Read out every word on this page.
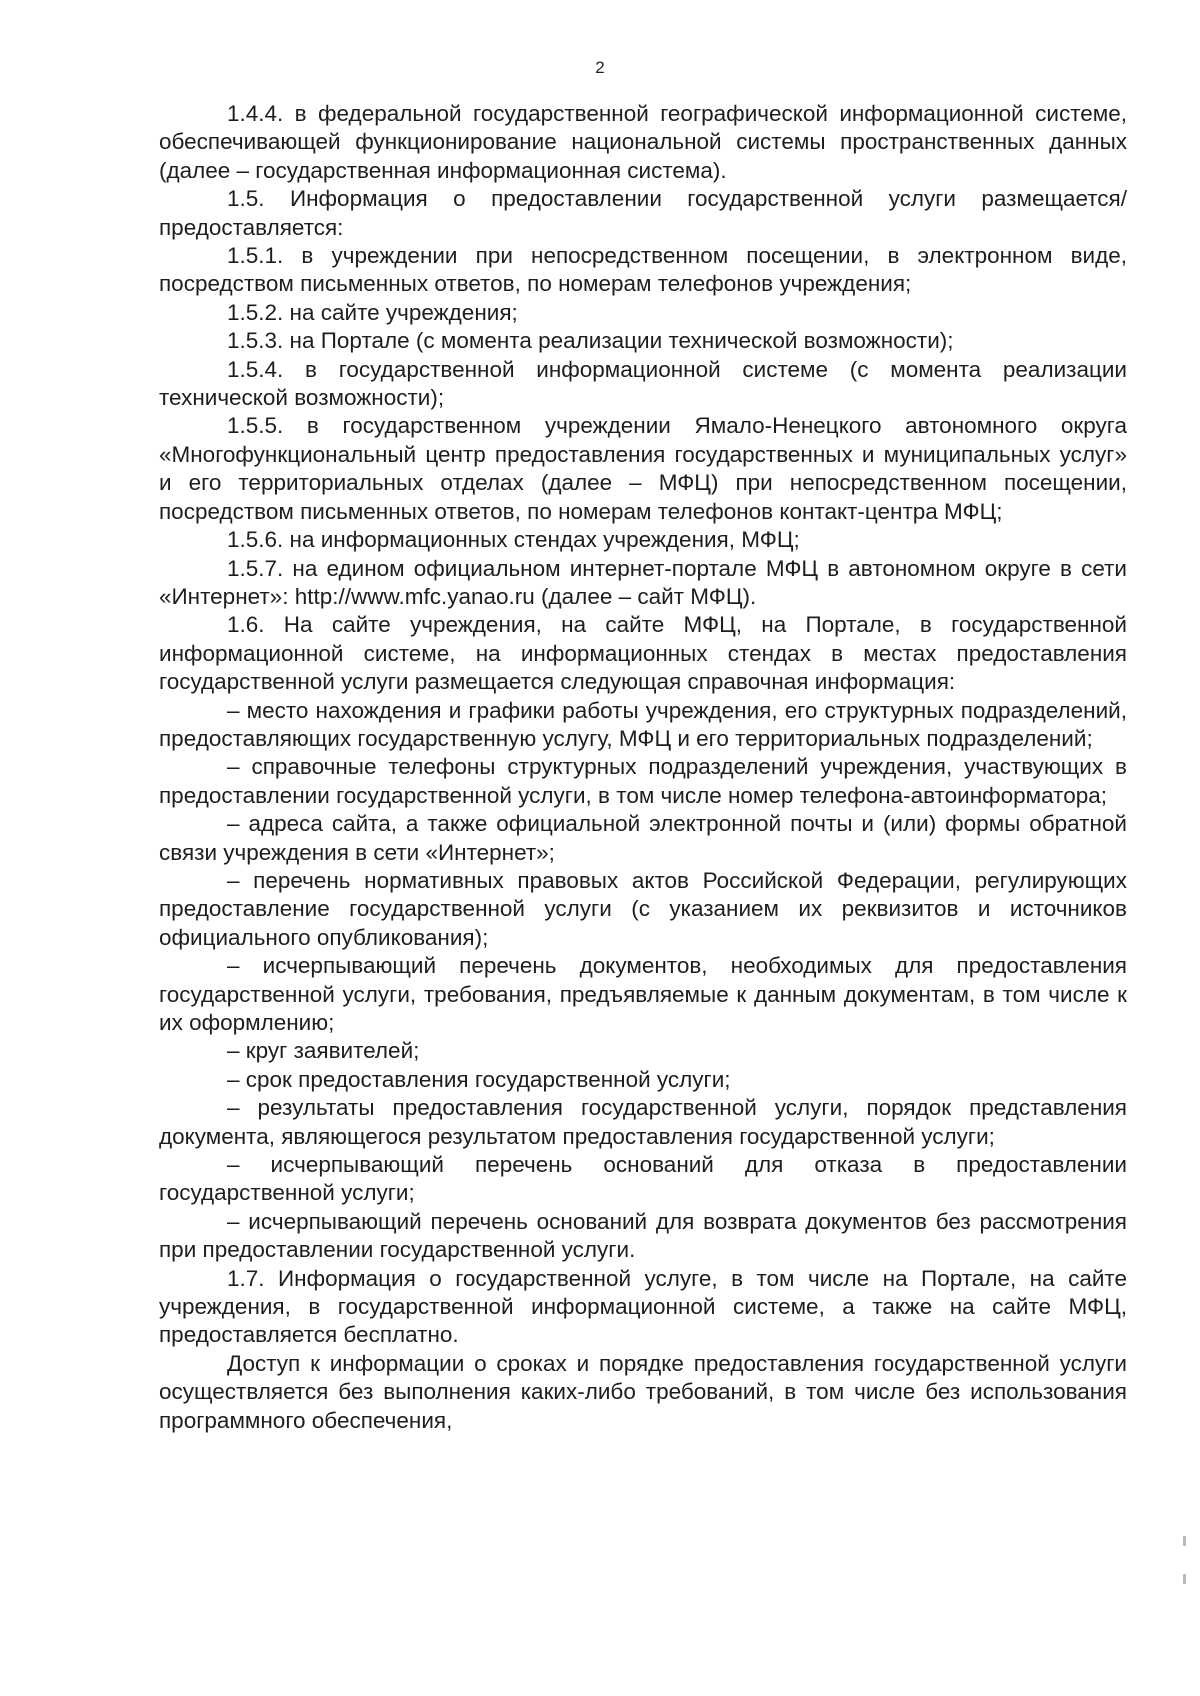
2

1.4.4. в федеральной государственной географической информационной системе, обеспечивающей функционирование национальной системы пространственных данных (далее – государственная информационная система).

1.5. Информация о предоставлении государственной услуги размещается/предоставляется:

1.5.1. в учреждении при непосредственном посещении, в электронном виде, посредством письменных ответов, по номерам телефонов учреждения;

1.5.2. на сайте учреждения;

1.5.3. на Портале (с момента реализации технической возможности);

1.5.4. в государственной информационной системе (с момента реализации технической возможности);

1.5.5. в государственном учреждении Ямало-Ненецкого автономного округа «Многофункциональный центр предоставления государственных и муниципальных услуг» и его территориальных отделах (далее – МФЦ) при непосредственном посещении, посредством письменных ответов, по номерам телефонов контакт-центра МФЦ;

1.5.6. на информационных стендах учреждения, МФЦ;

1.5.7. на едином официальном интернет-портале МФЦ в автономном округе в сети «Интернет»: http://www.mfc.yanao.ru (далее – сайт МФЦ).

1.6. На сайте учреждения, на сайте МФЦ, на Портале, в государственной информационной системе, на информационных стендах в местах предоставления государственной услуги размещается следующая справочная информация:

– место нахождения и графики работы учреждения, его структурных подразделений, предоставляющих государственную услугу, МФЦ и его территориальных подразделений;

– справочные телефоны структурных подразделений учреждения, участвующих в предоставлении государственной услуги, в том числе номер телефона-автоинформатора;

– адреса сайта, а также официальной электронной почты и (или) формы обратной связи учреждения в сети «Интернет»;

– перечень нормативных правовых актов Российской Федерации, регулирующих предоставление государственной услуги (с указанием их реквизитов и источников официального опубликования);

– исчерпывающий перечень документов, необходимых для предоставления государственной услуги, требования, предъявляемые к данным документам, в том числе к их оформлению;

– круг заявителей;

– срок предоставления государственной услуги;

– результаты предоставления государственной услуги, порядок представления документа, являющегося результатом предоставления государственной услуги;

– исчерпывающий перечень оснований для отказа в предоставлении государственной услуги;

– исчерпывающий перечень оснований для возврата документов без рассмотрения при предоставлении государственной услуги.

1.7. Информация о государственной услуге, в том числе на Портале, на сайте учреждения, в государственной информационной системе, а также на сайте МФЦ, предоставляется бесплатно.

Доступ к информации о сроках и порядке предоставления государственной услуги осуществляется без выполнения каких-либо требований, в том числе без использования программного обеспечения,
